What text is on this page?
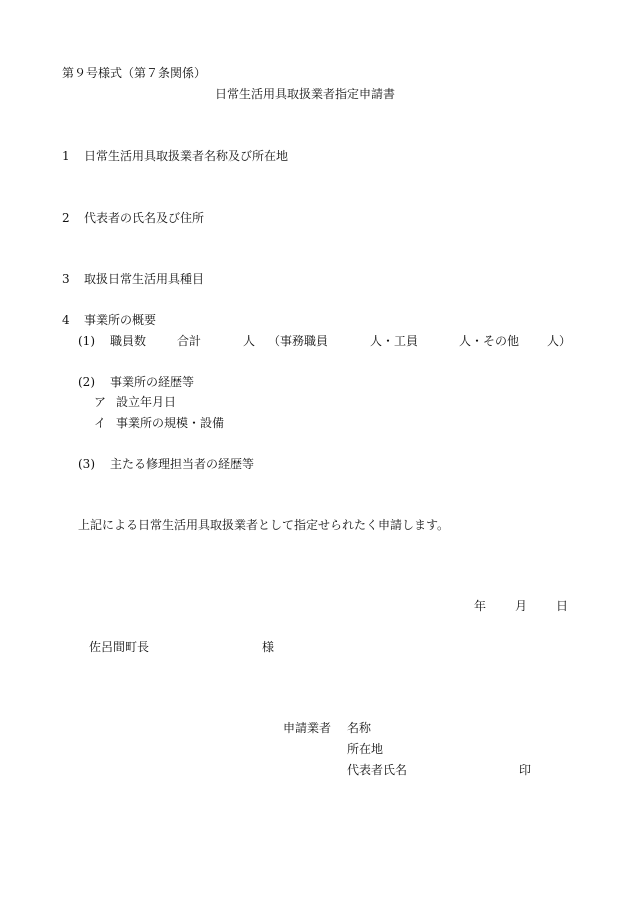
第９号様式（第７条関係）

日常生活用具取扱業者指定申請書

1 日常生活用具取扱業者名称及び所在地

2 代表者の氏名及び住所

3 取扱日常生活用具種目

4 事業所の概要

(1) 職員数	合計	人 （事務職員	人・工員	人・その他 人）

(2) 事業所の経歴等

ア 設立年月日

イ 事業所の規模・設備

(3) 主たる修理担当者の経歴等

上記による日常生活用具取扱業者として指定せられたく申請します。

年 月 日

佐呂間町長	様

申請業者 名称

所在地

代表者氏名	印
